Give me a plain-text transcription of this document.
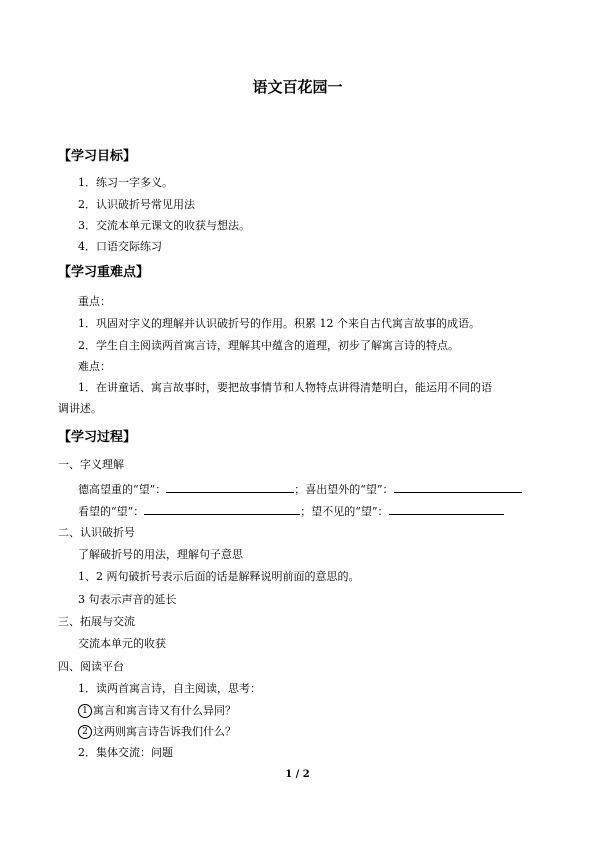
语文百花园一
【学习目标】
1．练习一字多义。
2．认识破折号常见用法
3．交流本单元课文的收获与想法。
4．口语交际练习
【学习重难点】
重点：
1．巩固对字义的理解并认识破折号的作用。积累 12 个来自古代寓言故事的成语。
2．学生自主阅读两首寓言诗，理解其中蕴含的道理，初步了解寓言诗的特点。
难点：
1．在讲童话、寓言故事时，要把故事情节和人物特点讲得清楚明白，能运用不同的语
调讲述。
【学习过程】
一、字义理解
德高望重的“望”：	；喜出望外的“望”：
看望的“望”：	；望不见的“望”：
二、认识破折号
了解破折号的用法，理解句子意思
1、2 两句破折号表示后面的话是解释说明前面的意思的。
3 句表示声音的延长
三、拓展与交流
交流本单元的收获
四、阅读平台
1．读两首寓言诗，自主阅读，思考：
1 寓言和寓言诗又有什么异同？
2 这两则寓言诗告诉我们什么？
2．集体交流：问题
1 / 2
